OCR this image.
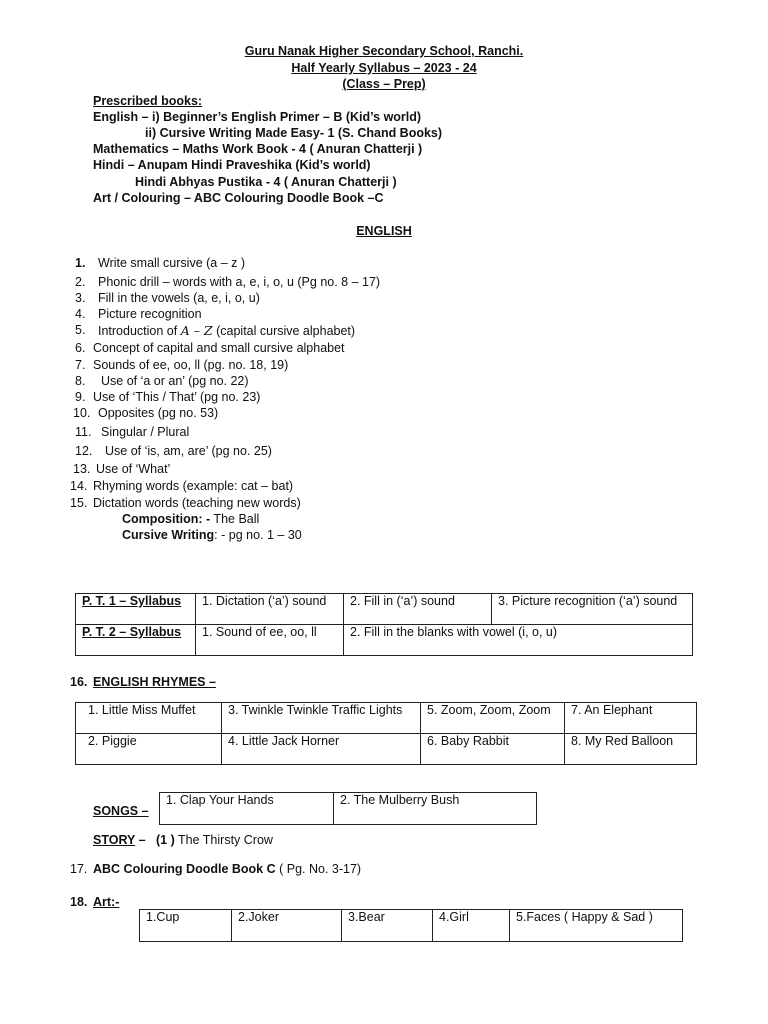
Guru Nanak Higher Secondary School, Ranchi.
Half Yearly Syllabus – 2023 - 24
(Class – Prep)
Prescribed books:
English – i) Beginner’s English Primer – B (Kid’s world)
ii) Cursive Writing Made Easy- 1 (S. Chand Books)
Mathematics – Maths Work Book - 4 ( Anuran Chatterji )
Hindi – Anupam Hindi Praveshika (Kid’s world)
Hindi Abhyas Pustika - 4 ( Anuran Chatterji )
Art / Colouring – ABC Colouring Doodle Book –C
ENGLISH
1. Write small cursive (a – z )
2. Phonic drill – words with a, e, i, o, u (Pg no. 8 – 17)
3. Fill in the vowels (a, e, i, o, u)
4. Picture recognition
5. Introduction of A – Z (capital cursive alphabet)
6. Concept of capital and small cursive alphabet
7. Sounds of ee, oo, ll (pg. no. 18, 19)
8. Use of ‘a or an’ (pg no. 22)
9. Use of ‘This / That’ (pg no. 23)
10. Opposites (pg no. 53)
11. Singular / Plural
12. Use of ‘is, am, are’ (pg no. 25)
13. Use of ‘What’
14. Rhyming words (example: cat – bat)
15. Dictation words (teaching new words)
Composition: - The Ball
Cursive Writing: - pg no. 1 – 30
P. T. 1 – Syllabus	1. Dictation (‘a’) sound	2. Fill in (‘a’) sound	3. Picture recognition (‘a’) sound
P. T. 2 – Syllabus	1. Sound of ee, oo, ll	2. Fill in the blanks with vowel (i, o, u)	
16. ENGLISH RHYMES –
1. Little Miss Muffet	3. Twinkle Twinkle Traffic Lights	5. Zoom, Zoom, Zoom	7. An Elephant
2. Piggie	4. Little Jack Horner	6. Baby Rabbit	8. My Red Balloon
SONGS –
1. Clap Your Hands	2. The Mulberry Bush
STORY – (1 ) The Thirsty Crow
17. ABC Colouring Doodle Book C ( Pg. No. 3-17)
18. Art:-
1.Cup	2.Joker	3.Bear	4.Girl	5.Faces ( Happy & Sad )
